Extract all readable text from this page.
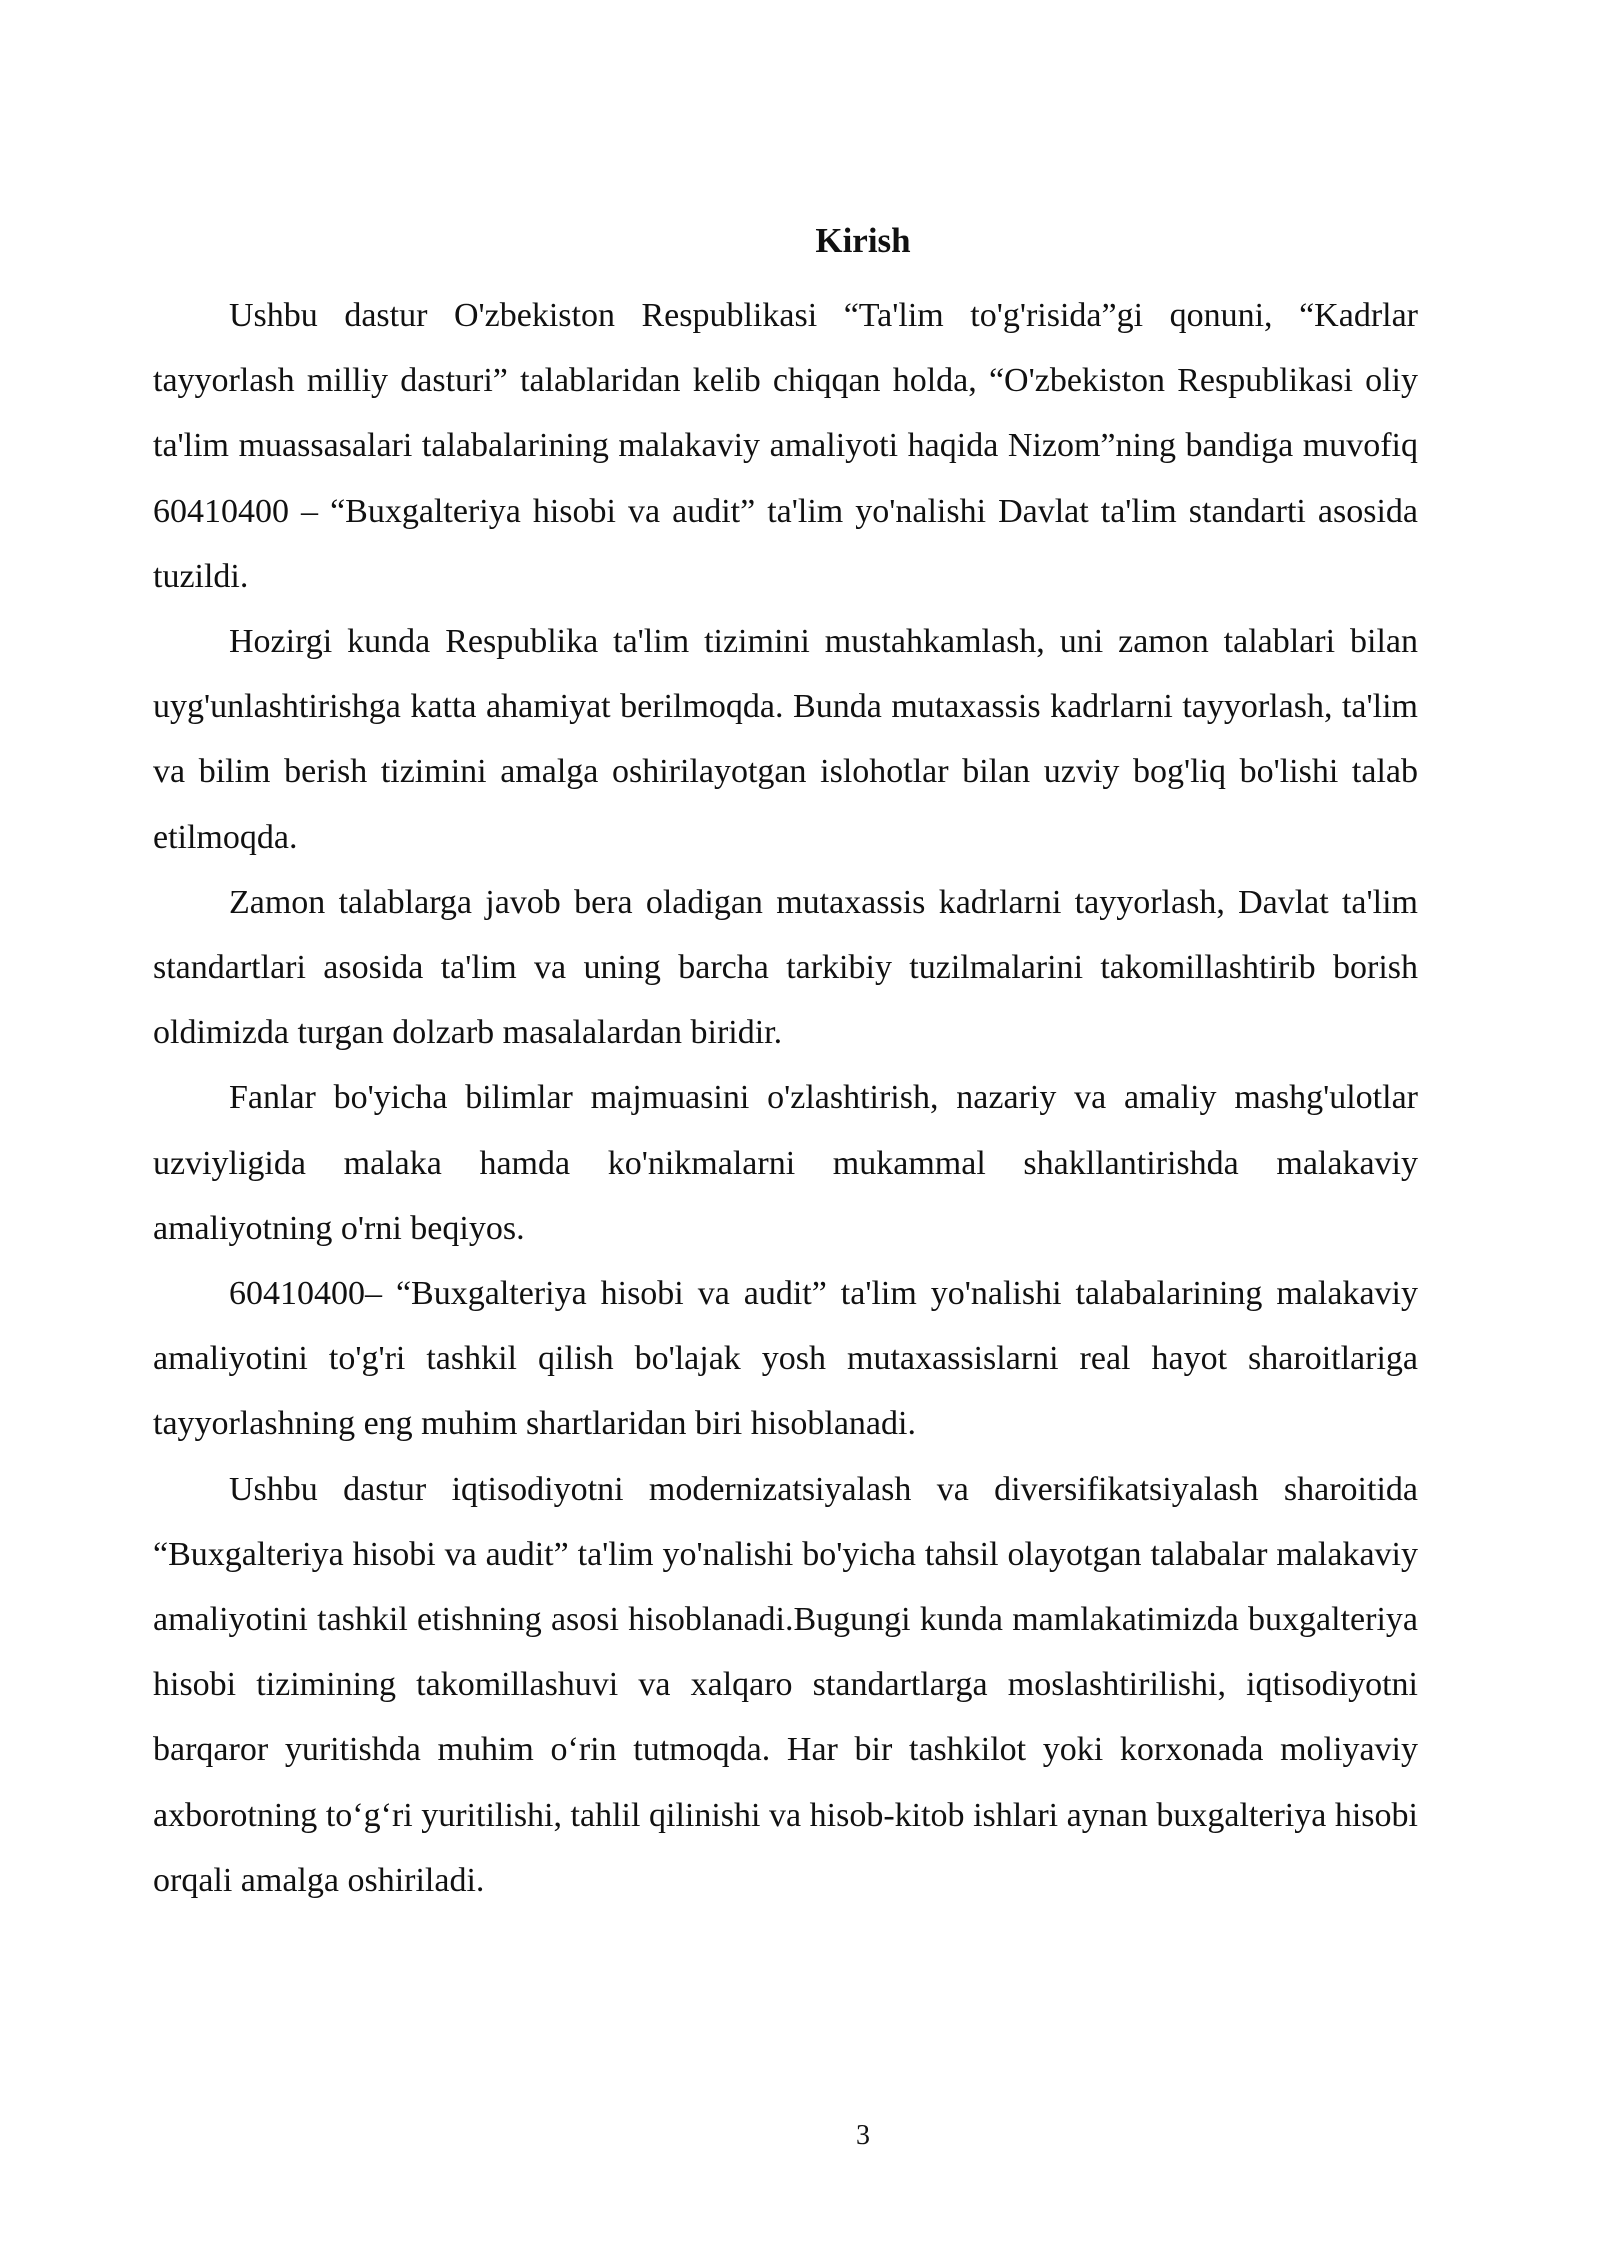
Kirish

Ushbu dastur O'zbekiston Respublikasi “Ta'lim to'g'risida”gi qonuni, “Kadrlar tayyorlash milliy dasturi” talablaridan kelib chiqqan holda, “O'zbekiston Respublikasi oliy ta'lim muassasalari talabalarining malakaviy amaliyoti haqida Nizom”ning bandiga muvofiq 60410400 – “Buxgalteriya hisobi va audit” ta'lim yo'nalishi Davlat ta'lim standarti asosida tuzildi.

Hozirgi kunda Respublika ta'lim tizimini mustahkamlash, uni zamon talablari bilan uyg'unlashtirishga katta ahamiyat berilmoqda. Bunda mutaxassis kadrlarni tayyorlash, ta'lim va bilim berish tizimini amalga oshirilayotgan islohotlar bilan uzviy bog'liq bo'lishi talab etilmoqda.

Zamon talablarga javob bera oladigan mutaxassis kadrlarni tayyorlash, Davlat ta'lim standartlari asosida ta'lim va uning barcha tarkibiy tuzilmalarini takomillashtirib borish oldimizda turgan dolzarb masalalardan biridir.

Fanlar bo'yicha bilimlar majmuasini o'zlashtirish, nazariy va amaliy mashg'ulotlar uzviyligida malaka hamda ko'nikmalarni mukammal shakllantirishda malakaviy amaliyotning o'rni beqiyos.

60410400– “Buxgalteriya hisobi va audit” ta'lim yo'nalishi talabalarining malakaviy amaliyotini to'g'ri tashkil qilish bo'lajak yosh mutaxassislarni real hayot sharoitlariga tayyorlashning eng muhim shartlaridan biri hisoblanadi.

Ushbu dastur iqtisodiyotni modernizatsiyalash va diversifikatsiyalash sharoitida “Buxgalteriya hisobi va audit” ta'lim yo'nalishi bo'yicha tahsil olayotgan talabalar malakaviy amaliyotini tashkil etishning asosi hisoblanadi.Bugungi kunda mamlakatimizda buxgalteriya hisobi tizimining takomillashuvi va xalqaro standartlarga moslashtirilishi, iqtisodiyotni barqaror yuritishda muhim o‘rin tutmoqda. Har bir tashkilot yoki korxonada moliyaviy axborotning to‘g‘ri yuritilishi, tahlil qilinishi va hisob-kitob ishlari aynan buxgalteriya hisobi orqali amalga oshiriladi.

3
